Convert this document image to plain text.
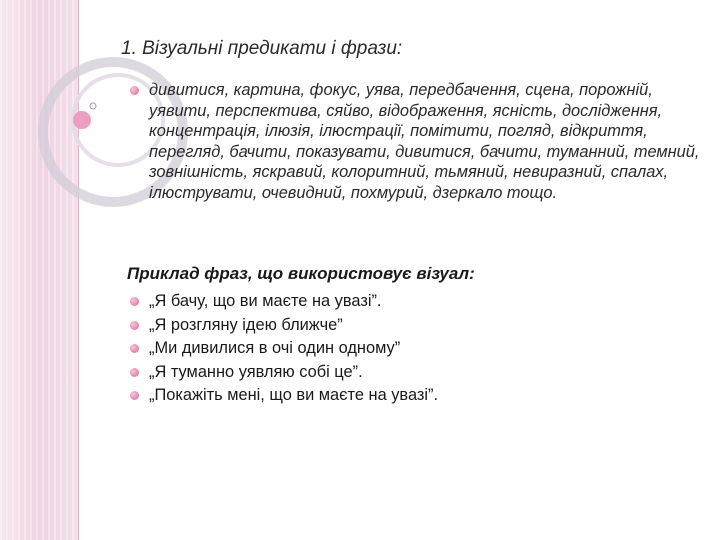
1. Візуальні предикати і фрази:
дивитися, картина, фокус, уява, передбачення, сцена, порожній, уявити, перспектива, сяйво, відображення, ясність, дослідження, концентрація, ілюзія, ілюстрації, помітити, погляд, відкриття, перегляд, бачити, показувати, дивитися, бачити, туманний, темний, зовнішність, яскравий, колоритний, тьмяний, невиразний, спалах, ілюструвати, очевидний, похмурий, дзеркало тощо.
Приклад фраз, що використовує візуал:
„Я бачу, що ви маєте на увазі”.
„Я розгляну ідею ближче”
„Ми дивилися в очі один одному”
„Я туманно уявляю собі це”.
„Покажіть мені, що ви маєте на увазі”.
